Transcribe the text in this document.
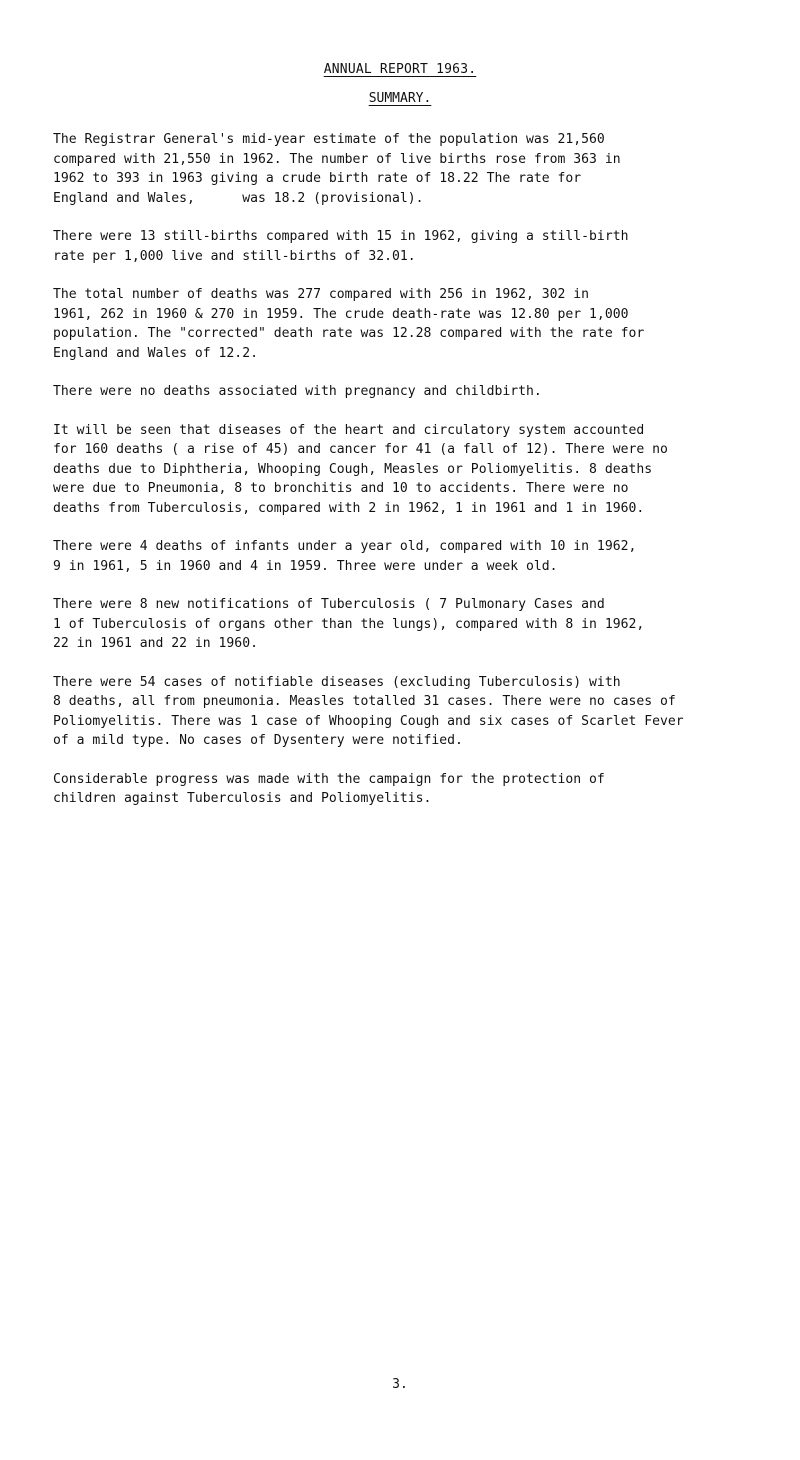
ANNUAL REPORT 1963.
SUMMARY.
The Registrar General's mid-year estimate of the population was 21,560
compared with 21,550 in 1962. The number of live births rose from 363 in
1962 to 393 in 1963 giving a crude birth rate of 18.22 The rate for
England and Wales,      was 18.2 (provisional).
There were 13 still-births compared with 15 in 1962, giving a still-birth
rate per 1,000 live and still-births of 32.01.
The total number of deaths was 277 compared with 256 in 1962, 302 in
1961, 262 in 1960 & 270 in 1959. The crude death-rate was 12.80 per 1,000
population. The "corrected" death rate was 12.28 compared with the rate for
England and Wales of 12.2.
There were no deaths associated with pregnancy and childbirth.
It will be seen that diseases of the heart and circulatory system accounted
for 160 deaths ( a rise of 45) and cancer for 41 (a fall of 12). There were no
deaths due to Diphtheria, Whooping Cough, Measles or Poliomyelitis. 8 deaths
were due to Pneumonia, 8 to bronchitis and 10 to accidents. There were no
deaths from Tuberculosis, compared with 2 in 1962, 1 in 1961 and 1 in 1960.
There were 4 deaths of infants under a year old, compared with 10 in 1962,
9 in 1961, 5 in 1960 and 4 in 1959. Three were under a week old.
There were 8 new notifications of Tuberculosis ( 7 Pulmonary Cases and
1 of Tuberculosis of organs other than the lungs), compared with 8 in 1962,
22 in 1961 and 22 in 1960.
There were 54 cases of notifiable diseases (excluding Tuberculosis) with
8 deaths, all from pneumonia. Measles totalled 31 cases. There were no cases of
Poliomyelitis. There was 1 case of Whooping Cough and six cases of Scarlet Fever
of a mild type. No cases of Dysentery were notified.
Considerable progress was made with the campaign for the protection of
children against Tuberculosis and Poliomyelitis.
3.
